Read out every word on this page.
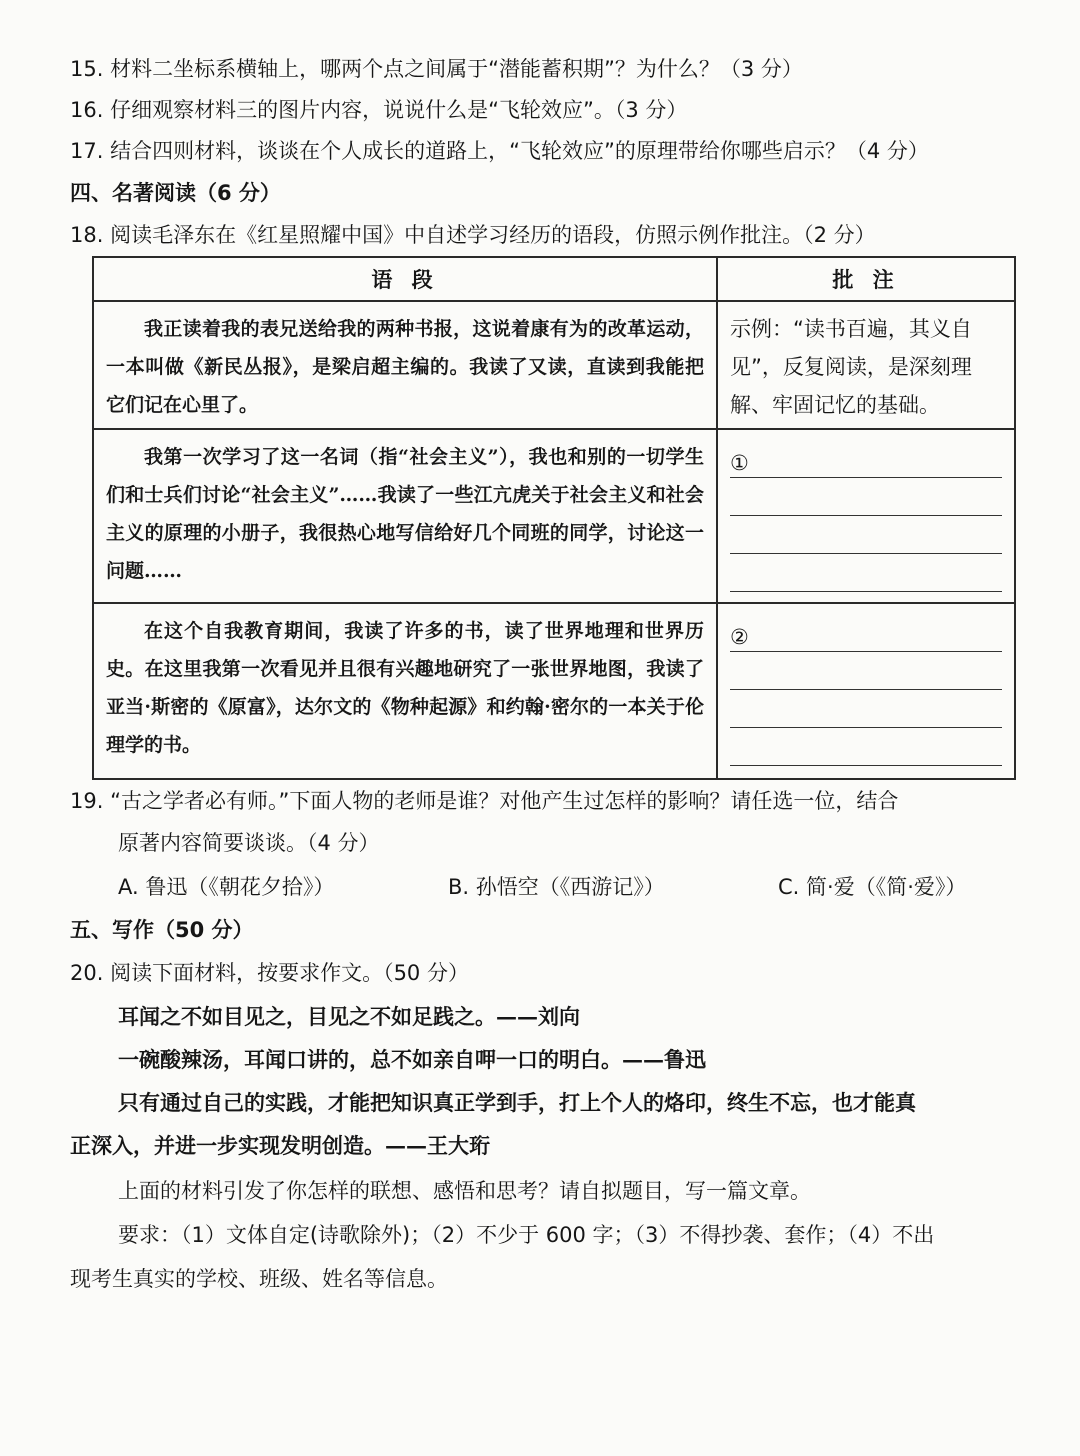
15. 材料二坐标系横轴上，哪两个点之间属于“潜能蓄积期”？为什么？（3 分）
16. 仔细观察材料三的图片内容，说说什么是“飞轮效应”。（3 分）
17. 结合四则材料，谈谈在个人成长的道路上，“飞轮效应”的原理带给你哪些启示？（4 分）
四、名著阅读（6 分）
18. 阅读毛泽东在《红星照耀中国》中自述学习经历的语段，仿照示例作批注。（2 分）
语 段	批 注
我正读着我的表兄送给我的两种书报，这说着康有为的改革运动，一本叫做《新民丛报》，是梁启超主编的。我读了又读，直读到我能把它们记在心里了。	示例：“读书百遍，其义自见”，反复阅读，是深刻理解、牢固记忆的基础。
我第一次学习了这一名词（指“社会主义”），我也和别的一切学生们和士兵们讨论“社会主义”……我读了一些江亢虎关于社会主义和社会主义的原理的小册子，我很热心地写信给好几个同班的同学，讨论这一问题……	①

在这个自我教育期间，我读了许多的书，读了世界地理和世界历史。在这里我第一次看见并且很有兴趣地研究了一张世界地图，我读了亚当·斯密的《原富》，达尔文的《物种起源》和约翰·密尔的一本关于伦理学的书。	②
19. “古之学者必有师。”下面人物的老师是谁？对他产生过怎样的影响？请任选一位，结合
原著内容简要谈谈。（4 分）
A. 鲁迅（《朝花夕拾》）	B. 孙悟空（《西游记》）	C. 简·爱（《简·爱》）
五、写作（50 分）
20. 阅读下面材料，按要求作文。（50 分）
耳闻之不如目见之，目见之不如足践之。——刘向
一碗酸辣汤，耳闻口讲的，总不如亲自呷一口的明白。——鲁迅
只有通过自己的实践，才能把知识真正学到手，打上个人的烙印，终生不忘，也才能真
正深入，并进一步实现发明创造。——王大珩
上面的材料引发了你怎样的联想、感悟和思考？请自拟题目，写一篇文章。
要求：（1）文体自定(诗歌除外)；（2）不少于 600 字；（3）不得抄袭、套作；（4）不出
现考生真实的学校、班级、姓名等信息。
